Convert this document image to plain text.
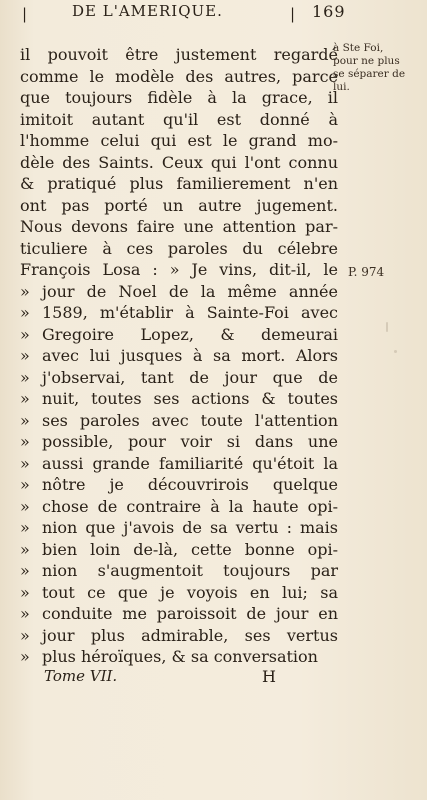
|	DE L'AMERIQUE.	| 169
à Ste Foi,
pour ne plus
se séparer de
lui.
P. 974
il pouvoit être justement regardé
comme le modèle des autres, parce
que toujours fidèle à la grace, il
imitoit autant qu'il est donné à
l'homme celui qui est le grand mo-
dèle des Saints. Ceux qui l'ont connu
& pratiqué plus familierement n'en
ont pas porté un autre jugement.
Nous devons faire une attention par-
ticuliere à ces paroles du célebre
François Losa : » Je vins, dit-il, le
» jour de Noel de la même année
» 1589, m'établir à Sainte-Foi avec
» Gregoire Lopez, & demeurai
» avec lui jusques à sa mort. Alors
» j'observai, tant de jour que de
» nuit, toutes ses actions & toutes
» ses paroles avec toute l'attention
» possible, pour voir si dans une
» aussi grande familiarité qu'étoit la
» nôtre je découvrirois quelque
» chose de contraire à la haute opi-
» nion que j'avois de sa vertu : mais
» bien loin de-là, cette bonne opi-
» nion s'augmentoit toujours par
» tout ce que je voyois en lui; sa
» conduite me paroissoit de jour en
» jour plus admirable, ses vertus
» plus héroïques, & sa conversation
Tome VII.	H
